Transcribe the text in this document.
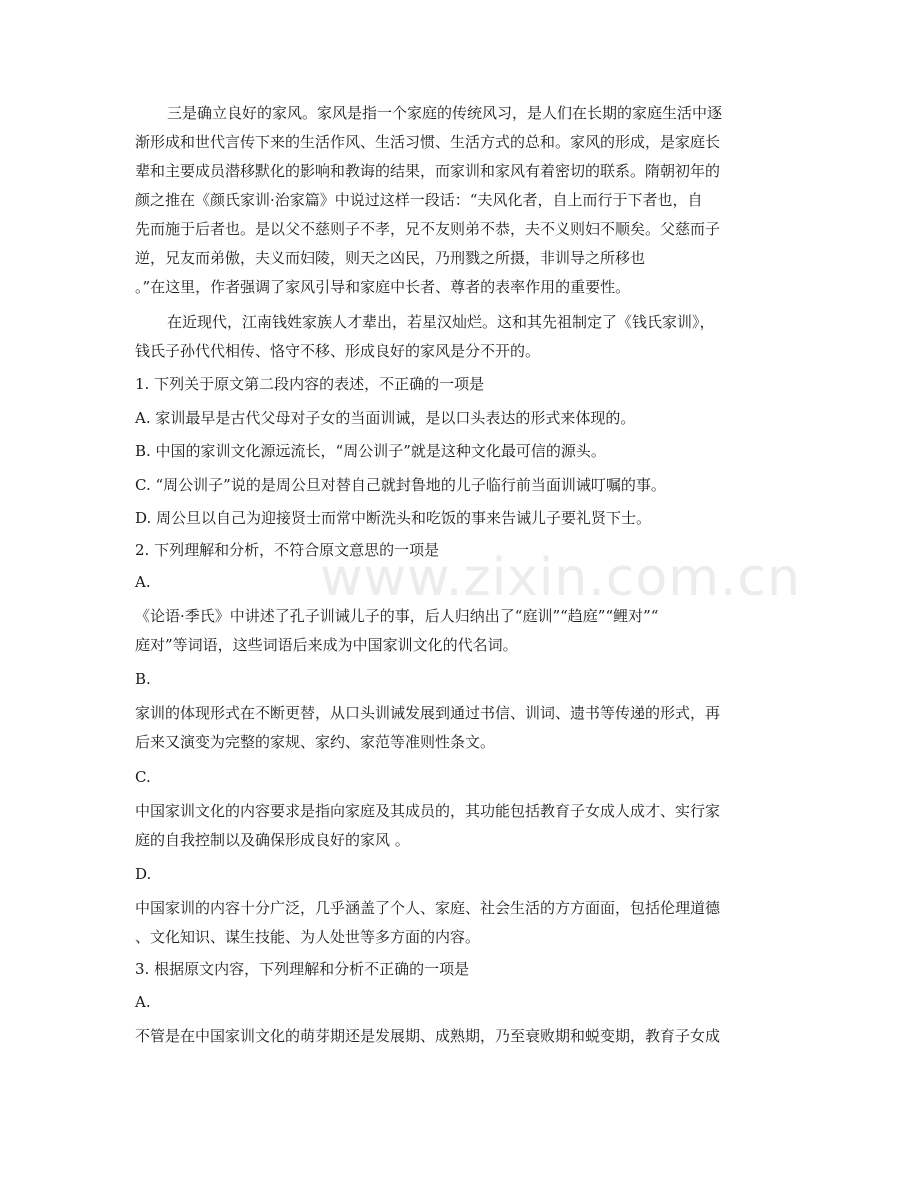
www.zixin.com.cn
三是确立良好的家风。家风是指一个家庭的传统风习，是人们在长期的家庭生活中逐
渐形成和世代言传下来的生活作风、生活习惯、生活方式的总和。家风的形成，是家庭长
辈和主要成员潜移默化的影响和教诲的结果，而家训和家风有着密切的联系。隋朝初年的
颜之推在《颜氏家训·治家篇》中说过这样一段话：“夫风化者，自上而行于下者也，自
先而施于后者也。是以父不慈则子不孝，兄不友则弟不恭，夫不义则妇不顺矣。父慈而子
逆，兄友而弟傲，夫义而妇陵，则天之凶民，乃刑戮之所摄，非训导之所移也
。”在这里，作者强调了家风引导和家庭中长者、尊者的表率作用的重要性。
在近现代，江南钱姓家族人才辈出，若星汉灿烂。这和其先祖制定了《钱氏家训》，
钱氏子孙代代相传、恪守不移、形成良好的家风是分不开的。
1. 下列关于原文第二段内容的表述，不正确的一项是
A. 家训最早是古代父母对子女的当面训诫，是以口头表达的形式来体现的。
B. 中国的家训文化源远流长，“周公训子”就是这种文化最可信的源头。
C. “周公训子”说的是周公旦对替自己就封鲁地的儿子临行前当面训诫叮嘱的事。
D. 周公旦以自己为迎接贤士而常中断洗头和吃饭的事来告诫儿子要礼贤下士。
2. 下列理解和分析，不符合原文意思的一项是
A.
《论语·季氏》中讲述了孔子训诫儿子的事，后人归纳出了“庭训”“趋庭”“鲤对”“
庭对”等词语，这些词语后来成为中国家训文化的代名词。
B.
家训的体现形式在不断更替，从口头训诫发展到通过书信、训词、遗书等传递的形式，再
后来又演变为完整的家规、家约、家范等准则性条文。
C.
中国家训文化的内容要求是指向家庭及其成员的，其功能包括教育子女成人成才、实行家
庭的自我控制以及确保形成良好的家风 。
D.
中国家训的内容十分广泛，几乎涵盖了个人、家庭、社会生活的方方面面，包括伦理道德
、文化知识、谋生技能、为人处世等多方面的内容。
3. 根据原文内容，下列理解和分析不正确的一项是
A.
不管是在中国家训文化的萌芽期还是发展期、成熟期，乃至衰败期和蜕变期，教育子女成
